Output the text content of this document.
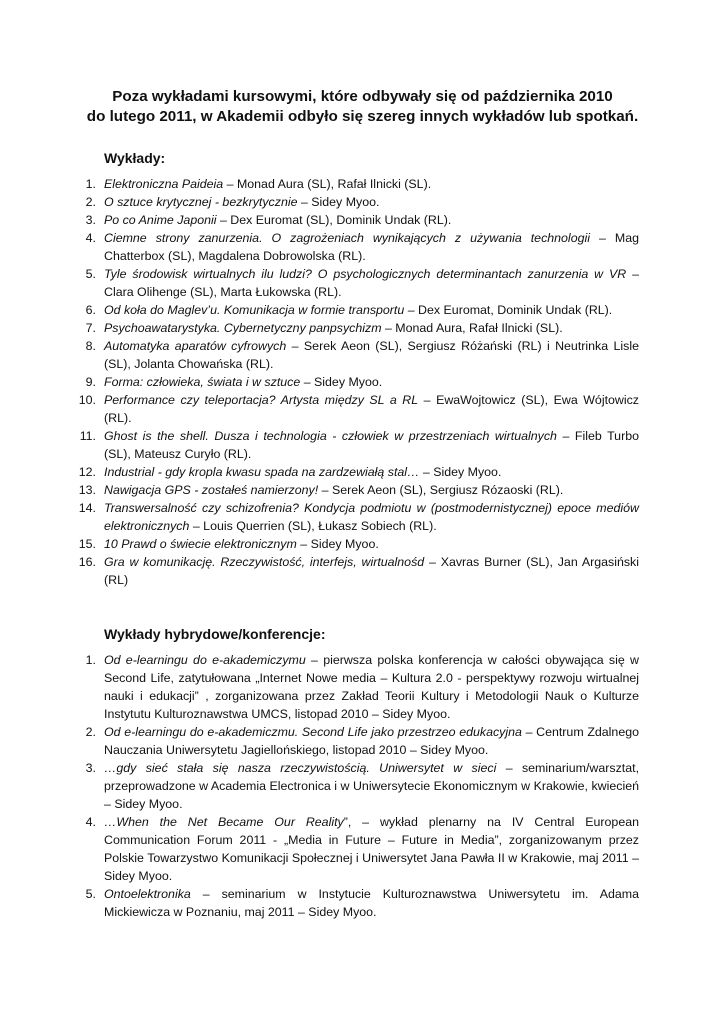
Poza wykładami kursowymi, które odbywały się od października 2010
do lutego 2011, w Akademii odbyło się szereg innych wykładów lub spotkań.
Wykłady:
1. Elektroniczna Paideia – Monad Aura (SL), Rafał Ilnicki (SL).
2. O sztuce krytycznej - bezkrytycznie – Sidey Myoo.
3. Po co Anime Japonii – Dex Euromat (SL), Dominik Undak (RL).
4. Ciemne strony zanurzenia. O zagrożeniach wynikających z używania technologii – Mag Chatterbox (SL), Magdalena Dobrowolska (RL).
5. Tyle środowisk wirtualnych ilu ludzi? O psychologicznych determinantach zanurzenia w VR – Clara Olihenge (SL), Marta Łukowska (RL).
6. Od koła do Maglev’u. Komunikacja w formie transportu – Dex Euromat, Dominik Undak (RL).
7. Psychoawatarystyka. Cybernetyczny panpsychizm – Monad Aura, Rafał Ilnicki (SL).
8. Automatyka aparatów cyfrowych – Serek Aeon (SL), Sergiusz Różański (RL) i Neutrinka Lisle (SL), Jolanta Chowańska (RL).
9. Forma: człowieka, świata i w sztuce – Sidey Myoo.
10. Performance czy teleportacja? Artysta między SL a RL – EwaWojtowicz (SL), Ewa Wójtowicz (RL).
11. Ghost is the shell. Dusza i technologia - człowiek w przestrzeniach wirtualnych – Fileb Turbo (SL), Mateusz Curyło (RL).
12. Industrial - gdy kropla kwasu spada na zardzewiałą stal… – Sidey Myoo.
13. Nawigacja GPS - zostałeś namierzony! – Serek Aeon (SL), Sergiusz Rózaoski (RL).
14. Transwersalność czy schizofrenia? Kondycja podmiotu w (postmodernistycznej) epoce mediów elektronicznych – Louis Querrien (SL), Łukasz Sobiech (RL).
15. 10 Prawd o świecie elektronicznym – Sidey Myoo.
16. Gra w komunikację. Rzeczywistość, interfejs, wirtualnośd – Xavras Burner (SL), Jan Argasiński (RL)
Wykłady hybrydowe/konferencje:
1. Od e-learningu do e-akademiczymu – pierwsza polska konferencja w całości obywająca się w Second Life, zatytułowana „Internet Nowe media – Kultura 2.0 - perspektywy rozwoju wirtualnej nauki i edukacji” , zorganizowana przez Zakład Teorii Kultury i Metodologii Nauk o Kulturze Instytutu Kulturoznawstwa UMCS, listopad 2010 – Sidey Myoo.
2. Od e-learningu do e-akademiczmu. Second Life jako przestrzeo edukacyjna – Centrum Zdalnego Nauczania Uniwersytetu Jagiellońskiego, listopad 2010 – Sidey Myoo.
3. …gdy sieć stała się nasza rzeczywistością. Uniwersytet w sieci – seminarium/warsztat, przeprowadzone w Academia Electronica i w Uniwersytecie Ekonomicznym w Krakowie, kwiecień – Sidey Myoo.
4. …When the Net Became Our Reality”, – wykład plenarny na IV Central European Communication Forum 2011 - „Media in Future – Future in Media”, zorganizowanym przez Polskie Towarzystwo Komunikacji Społecznej i Uniwersytet Jana Pawła II w Krakowie, maj 2011 – Sidey Myoo.
5. Ontoelektronika – seminarium w Instytucie Kulturoznawstwa Uniwersytetu im. Adama Mickiewicza w Poznaniu, maj 2011 – Sidey Myoo.
